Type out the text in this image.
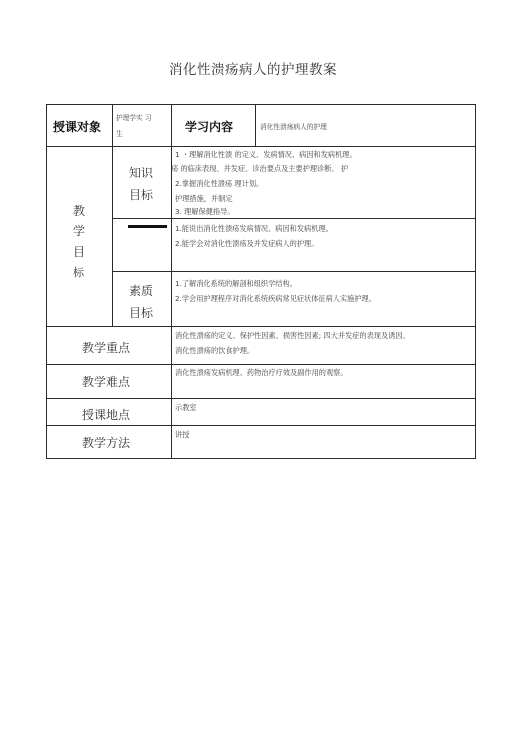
消化性溃疡病人的护理教案
授课对象
护理学实 习
生	学习内容	消化性溃疡病人的护理
教
学
目
标
知识
目标
1 ・理解消化性溃 的定义、发病情况、病因和发病机理。
疡 的临床表现、并发症、诊治要点及主要护理诊断、 护
2.掌握消化性溃疡 理计划。
护理措施，并制定
3. 理解保健指导。
1.能说出消化性溃疡发病情况、病因和发病机理。
2.能学会对消化性溃疡及并发症病人的护理。
素质
目标
1.了解消化系统的解剖和组织学结构。
2.学会用护理程序对消化系统疾病常见症状体征病人实施护理。
教学重点
消化性溃疡的定义、保护性因素、损害性因素; 四大并发症的表现及诱因、
消化性溃疡的饮食护理。
教学难点
消化性溃疡发病机理、药物治疗疗效及副作用的观察。
授课地点
示教室
教学方法
讲授
